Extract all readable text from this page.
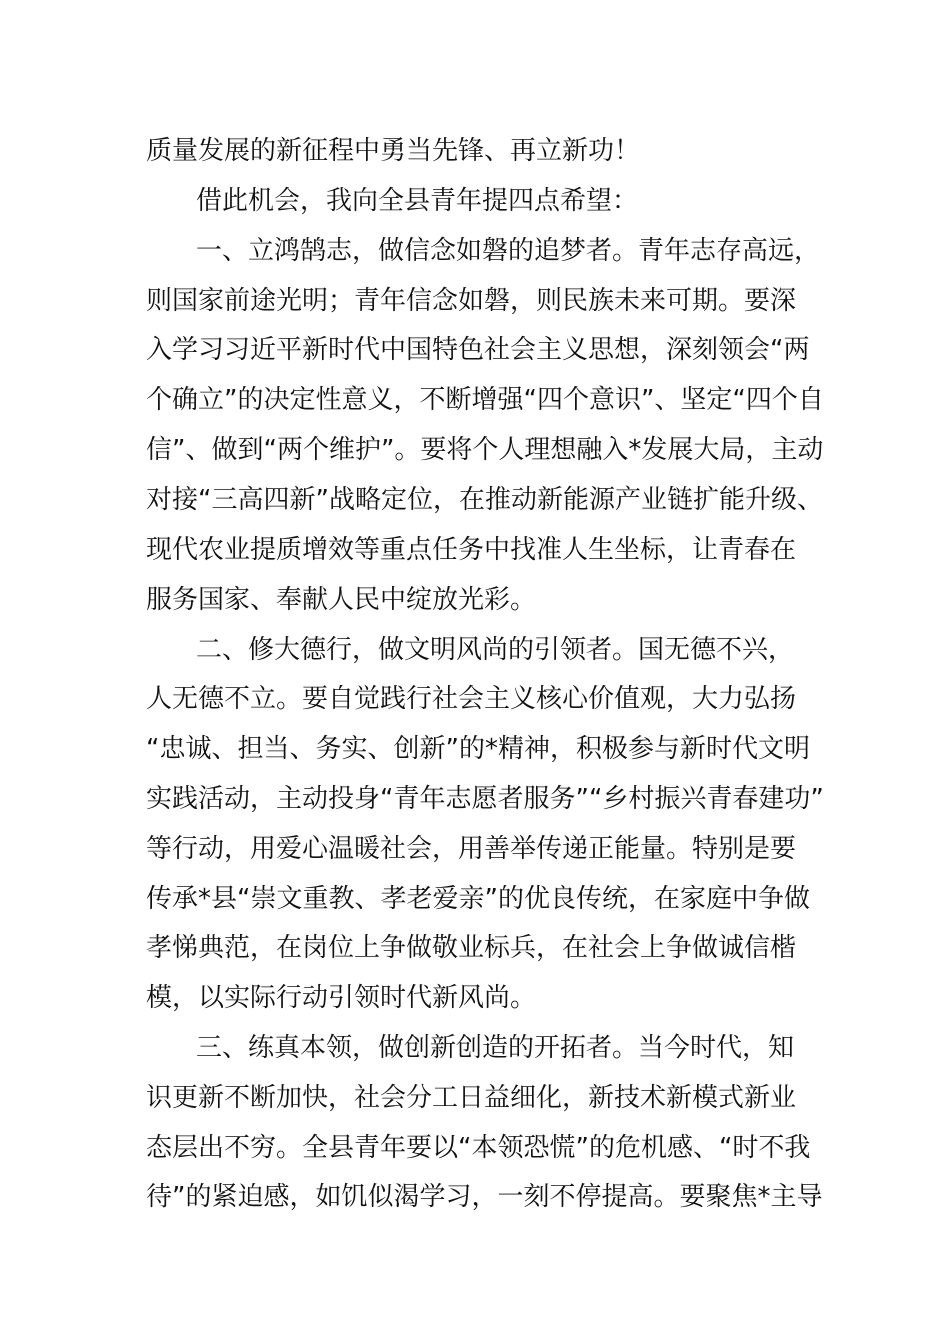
质量发展的新征程中勇当先锋、再立新功！
借此机会，我向全县青年提四点希望：
一、立鸿鹄志，做信念如磐的追梦者。青年志存高远，
则国家前途光明；青年信念如磐，则民族未来可期。要深
入学习习近平新时代中国特色社会主义思想，深刻领会“两
个确立”的决定性意义，不断增强“四个意识”、坚定“四个自
信”、做到“两个维护”。要将个人理想融入*发展大局，主动
对接“三高四新”战略定位，在推动新能源产业链扩能升级、
现代农业提质增效等重点任务中找准人生坐标，让青春在
服务国家、奉献人民中绽放光彩。
二、修大德行，做文明风尚的引领者。国无德不兴，
人无德不立。要自觉践行社会主义核心价值观，大力弘扬
“忠诚、担当、务实、创新”的*精神，积极参与新时代文明
实践活动，主动投身“青年志愿者服务”“乡村振兴青春建功”
等行动，用爱心温暖社会，用善举传递正能量。特别是要
传承*县“崇文重教、孝老爱亲”的优良传统，在家庭中争做
孝悌典范，在岗位上争做敬业标兵，在社会上争做诚信楷
模，以实际行动引领时代新风尚。
三、练真本领，做创新创造的开拓者。当今时代，知
识更新不断加快，社会分工日益细化，新技术新模式新业
态层出不穷。全县青年要以“本领恐慌”的危机感、“时不我
待”的紧迫感，如饥似渴学习，一刻不停提高。要聚焦*主导
